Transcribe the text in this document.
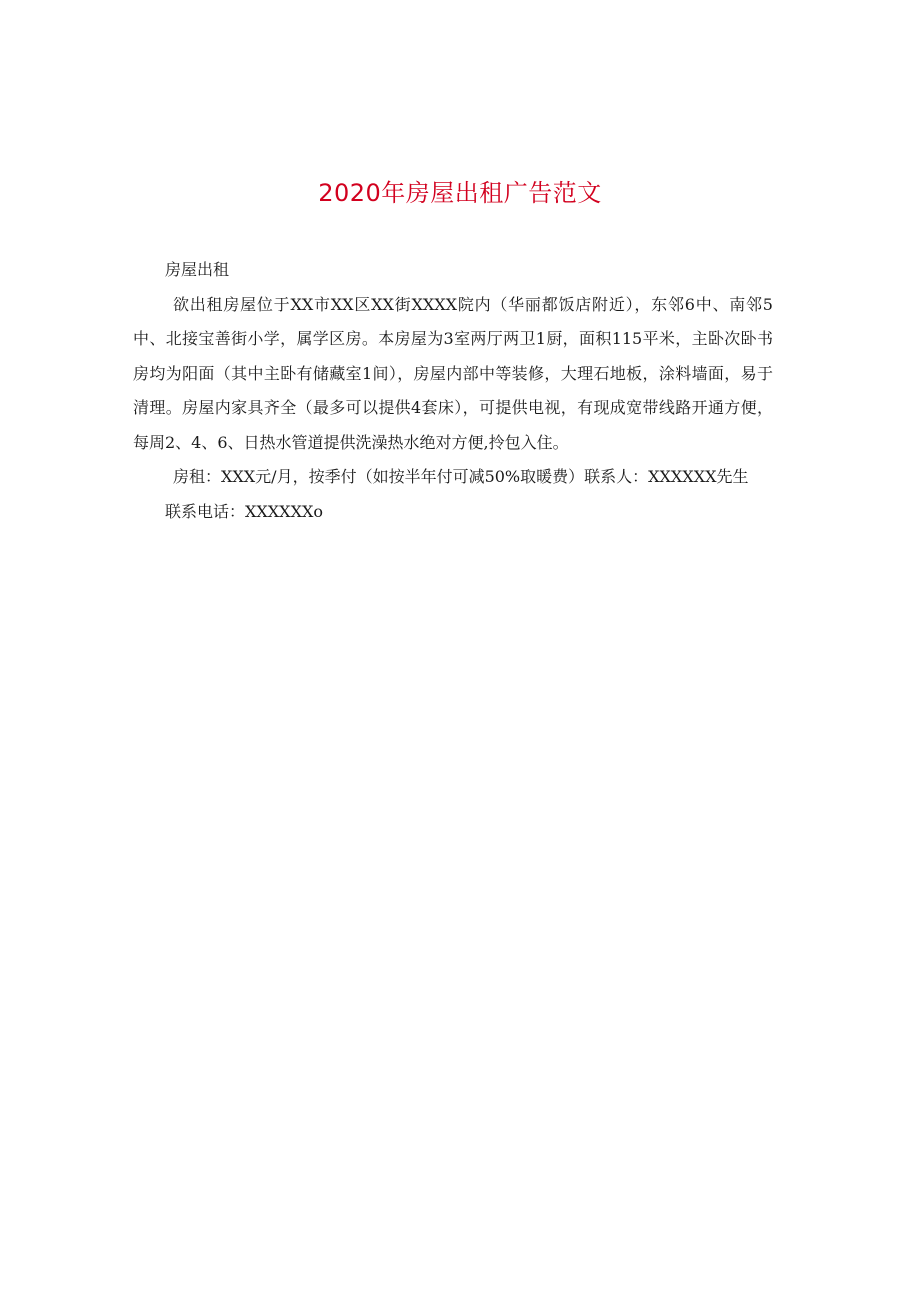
2020年房屋出租广告范文

房屋出租

欲出租房屋位于XX市XX区XX街XXXX院内（华丽都饭店附近），东邻6中、南邻5中、北接宝善街小学，属学区房。本房屋为3室两厅两卫1厨，面积115平米，主卧次卧书房均为阳面（其中主卧有储藏室1间），房屋内部中等装修，大理石地板，涂料墙面，易于清理。房屋内家具齐全（最多可以提供4套床），可提供电视，有现成宽带线路开通方便，每周2、4、6、日热水管道提供洗澡热水绝对方便,拎包入住。

房租：XXX元/月，按季付（如按半年付可减50%取暖费）联系人：XXXXXX先生

联系电话：XXXXXXo
